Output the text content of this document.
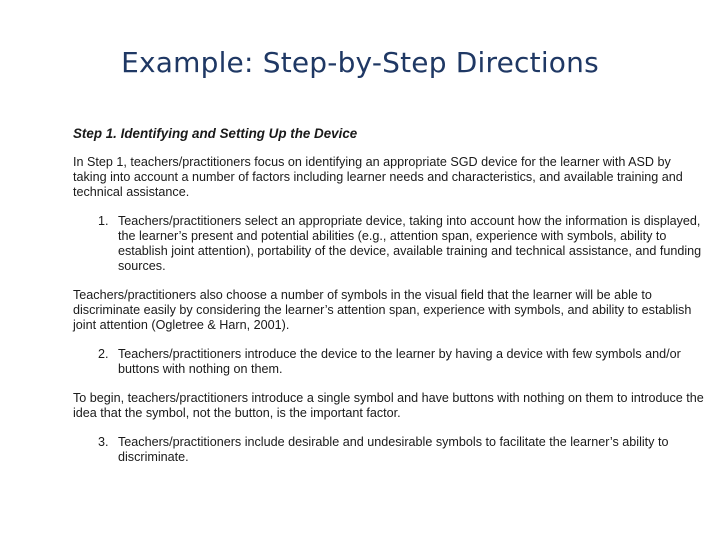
Example: Step-by-Step Directions
Step 1. Identifying and Setting Up the Device
In Step 1, teachers/practitioners focus on identifying an appropriate SGD device for the learner with ASD by taking into account a number of factors including learner needs and characteristics, and available training and technical assistance.
1. Teachers/practitioners select an appropriate device, taking into account how the information is displayed, the learner’s present and potential abilities (e.g., attention span, experience with symbols, ability to establish joint attention), portability of the device, available training and technical assistance, and funding sources.
Teachers/practitioners also choose a number of symbols in the visual field that the learner will be able to discriminate easily by considering the learner’s attention span, experience with symbols, and ability to establish joint attention (Ogletree & Harn, 2001).
2. Teachers/practitioners introduce the device to the learner by having a device with few symbols and/or buttons with nothing on them.
To begin, teachers/practitioners introduce a single symbol and have buttons with nothing on them to introduce the idea that the symbol, not the button, is the important factor.
3. Teachers/practitioners include desirable and undesirable symbols to facilitate the learner’s ability to discriminate.
